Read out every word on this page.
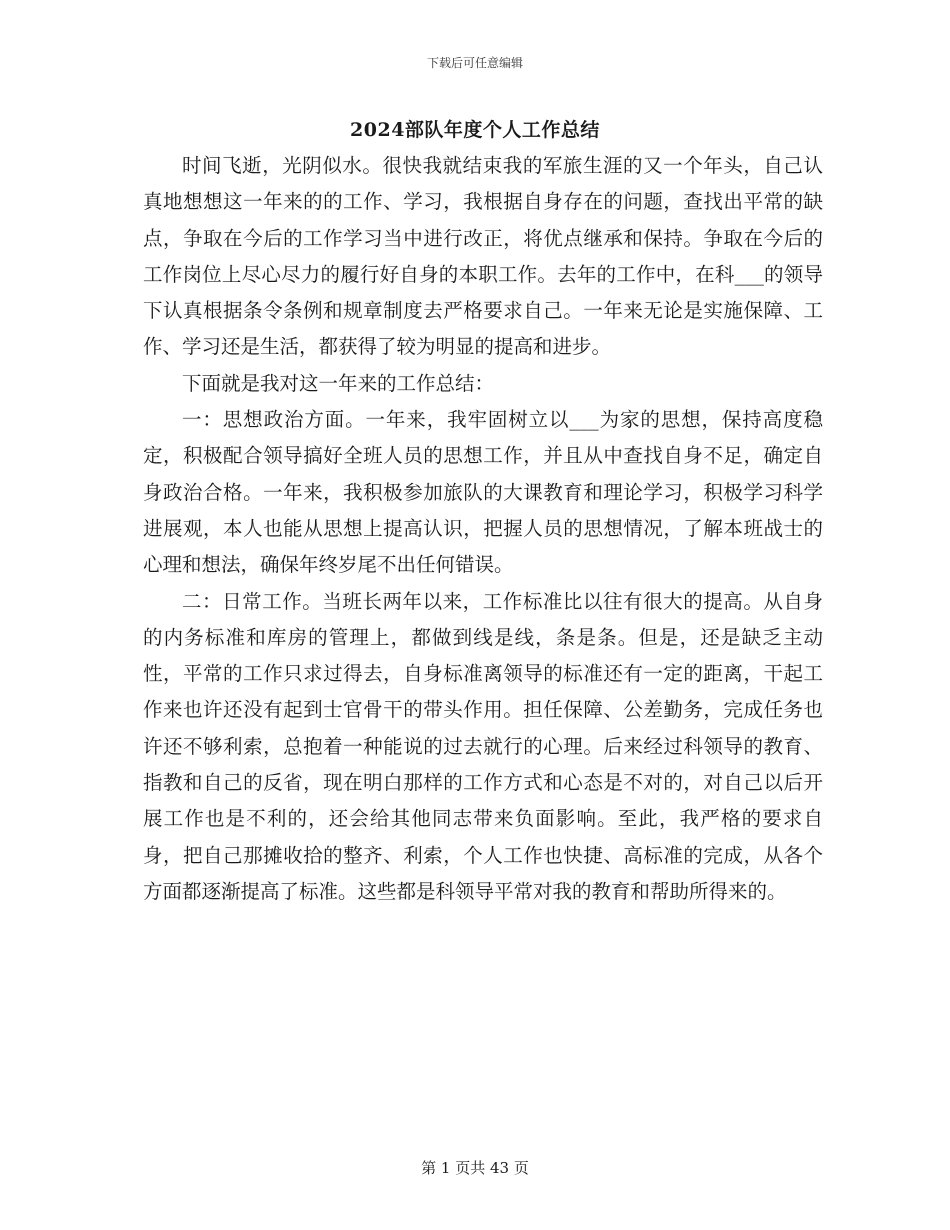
下载后可任意编辑
2024部队年度个人工作总结

时间飞逝，光阴似水。很快我就结束我的军旅生涯的又一个年头，自己认真地想想这一年来的的工作、学习，我根据自身存在的问题，查找出平常的缺点，争取在今后的工作学习当中进行改正，将优点继承和保持。争取在今后的工作岗位上尽心尽力的履行好自身的本职工作。去年的工作中，在科___的领导下认真根据条令条例和规章制度去严格要求自己。一年来无论是实施保障、工作、学习还是生活，都获得了较为明显的提高和进步。

下面就是我对这一年来的工作总结：

一：思想政治方面。一年来，我牢固树立以___为家的思想，保持高度稳定，积极配合领导搞好全班人员的思想工作，并且从中查找自身不足，确定自身政治合格。一年来，我积极参加旅队的大课教育和理论学习，积极学习科学进展观，本人也能从思想上提高认识，把握人员的思想情况，了解本班战士的心理和想法，确保年终岁尾不出任何错误。

二：日常工作。当班长两年以来，工作标准比以往有很大的提高。从自身的内务标准和库房的管理上，都做到线是线，条是条。但是，还是缺乏主动性，平常的工作只求过得去，自身标准离领导的标准还有一定的距离，干起工作来也许还没有起到士官骨干的带头作用。担任保障、公差勤务，完成任务也许还不够利索，总抱着一种能说的过去就行的心理。后来经过科领导的教育、指教和自己的反省，现在明白那样的工作方式和心态是不对的，对自己以后开展工作也是不利的，还会给其他同志带来负面影响。至此，我严格的要求自身，把自己那摊收拾的整齐、利索，个人工作也快捷、高标准的完成，从各个方面都逐渐提高了标准。这些都是科领导平常对我的教育和帮助所得来的。

第 1 页共 43 页
